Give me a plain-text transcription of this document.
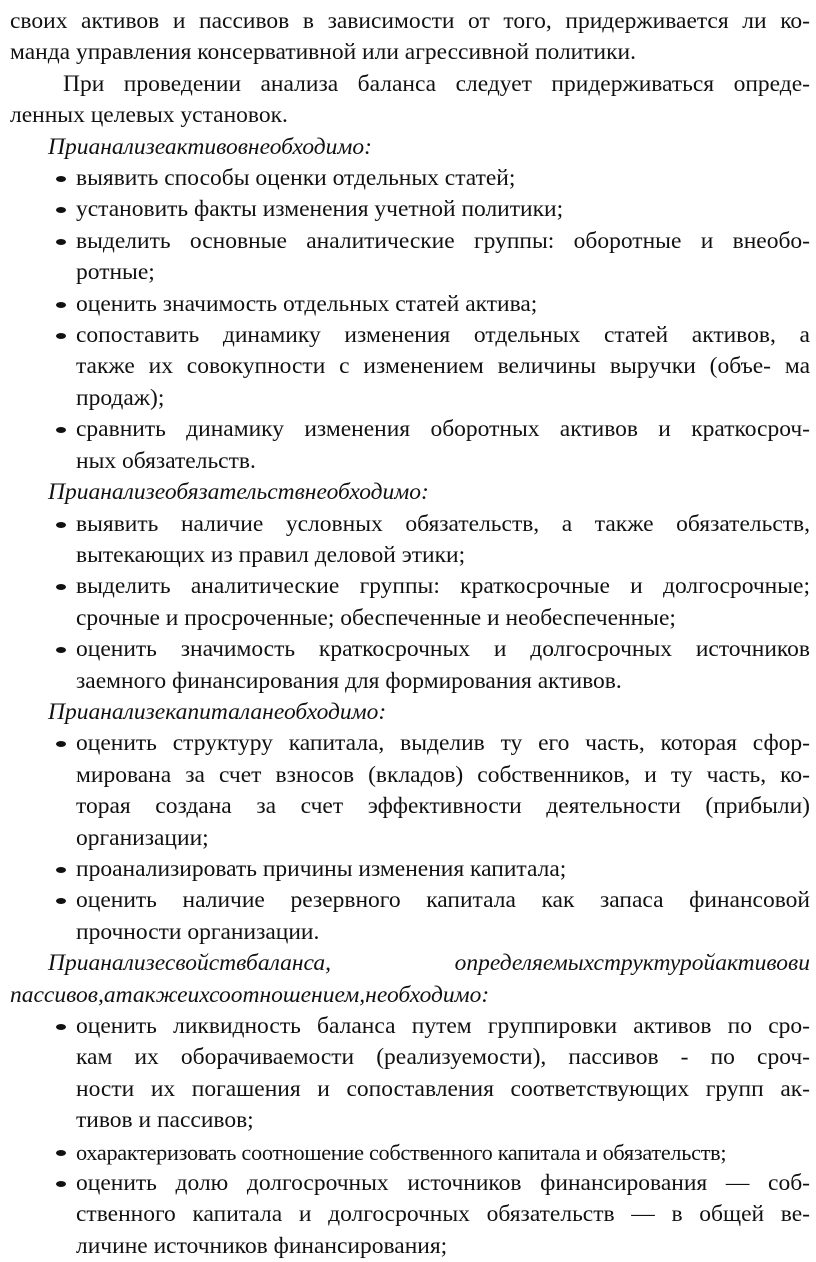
своих активов и пассивов в зависимости от того, придерживается ли ко-

манда управления консервативной или агрессивной политики.

При проведении анализа баланса следует придерживаться опреде-

ленных целевых установок.

Прианализеактивовнеобходимо:

выявить способы оценки отдельных статей;
установить факты изменения учетной политики;
выделить основные аналитические группы: оборотные и внеобо-

ротные;

оценить значимость отдельных статей актива;
сопоставить динамику изменения отдельных статей активов, а

также их совокупности с изменением величины выручки (объе- ма

продаж);

сравнить динамику изменения оборотных активов и краткосроч-

ных обязательств.

Прианализеобязательствнеобходимо:

выявить наличие условных обязательств, а также обязательств,

вытекающих из правил деловой этики;

выделить аналитические группы: краткосрочные и долгосрочные;

срочные и просроченные; обеспеченные и необеспеченные;

оценить значимость краткосрочных и долгосрочных источников

заемного финансирования для формирования активов.

Прианализекапиталанеобходимо:

оценить структуру капитала, выделив ту его часть, которая сфор-

мирована за счет взносов (вкладов) собственников, и ту часть, ко-

торая создана за счет эффективности деятельности (прибыли)

организации;

проанализировать причины изменения капитала;
оценить наличие резервного капитала как запаса финансовой

прочности организации.

Прианализесвойствбаланса, определяемыхструктуройактивови

пассивов,атакжеихсоотношением,необходимо:

оценить ликвидность баланса путем группировки активов по сро-

кам их оборачиваемости (реализуемости), пассивов - по сроч-

ности их погашения и сопоставления соответствующих групп ак-

тивов и пассивов;

охарактеризовать соотношение собственного капитала и обязательств;
оценить долю долгосрочных источников финансирования — соб-

ственного капитала и долгосрочных обязательств — в общей ве-

личине источников финансирования;
